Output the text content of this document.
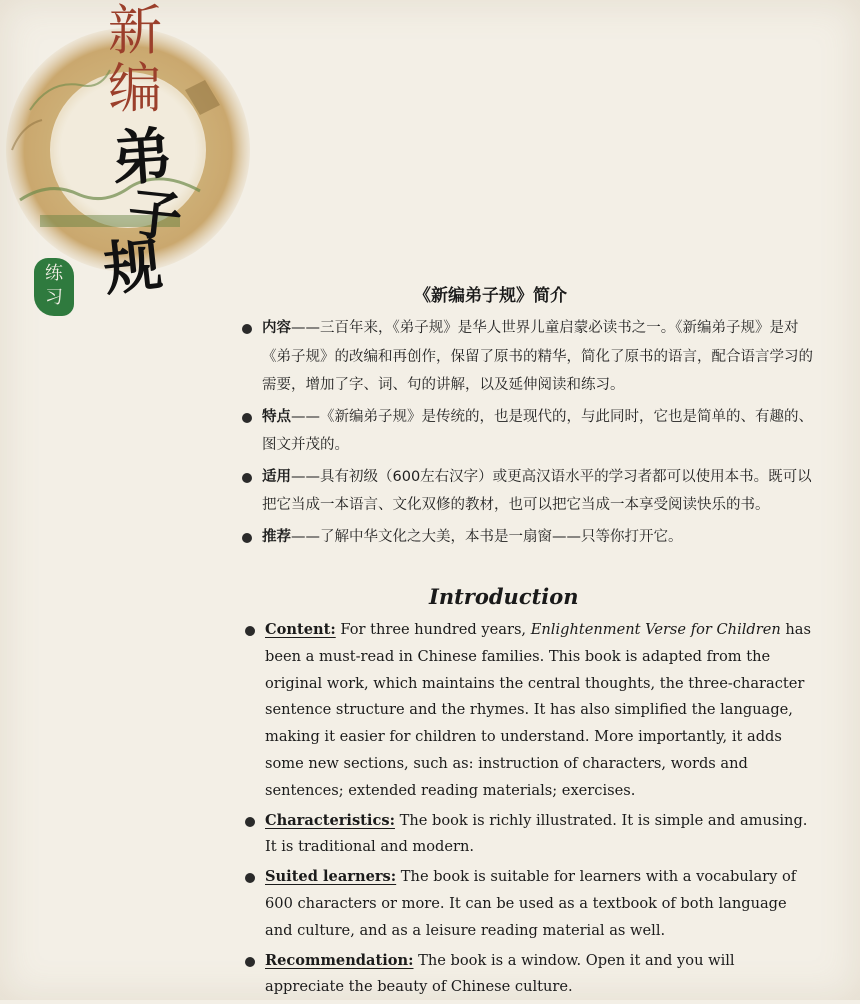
新
编
弟
子
规
练
习	《新编弟子规》简介
内容——三百年来，《弟子规》是华人世界儿童启蒙必读书之一。《新编弟子规》是对《弟子规》的改编和再创作，保留了原书的精华，简化了原书的语言，配合语言学习的需要，增加了字、词、句的讲解，以及延伸阅读和练习。
特点——《新编弟子规》是传统的，也是现代的，与此同时，它也是简单的、有趣的、图文并茂的。
适用——具有初级（600左右汉字）或更高汉语水平的学习者都可以使用本书。既可以把它当成一本语言、文化双修的教材，也可以把它当成一本享受阅读快乐的书。
推荐——了解中华文化之大美，本书是一扇窗——只等你打开它。
Introduction
Content: For three hundred years, Enlightenment Verse for Children has been a must-read in Chinese families. This book is adapted from the original work, which maintains the central thoughts, the three-character sentence structure and the rhymes. It has also simplified the language, making it easier for children to understand. More importantly, it adds some new sections, such as: instruction of characters, words and sentences; extended reading materials; exercises.
Characteristics: The book is richly illustrated. It is simple and amusing. It is traditional and modern.
Suited learners: The book is suitable for learners with a vocabulary of 600 characters or more. It can be used as a textbook of both language and culture, and as a leisure reading material as well.
Recommendation: The book is a window. Open it and you will appreciate the beauty of Chinese culture.
